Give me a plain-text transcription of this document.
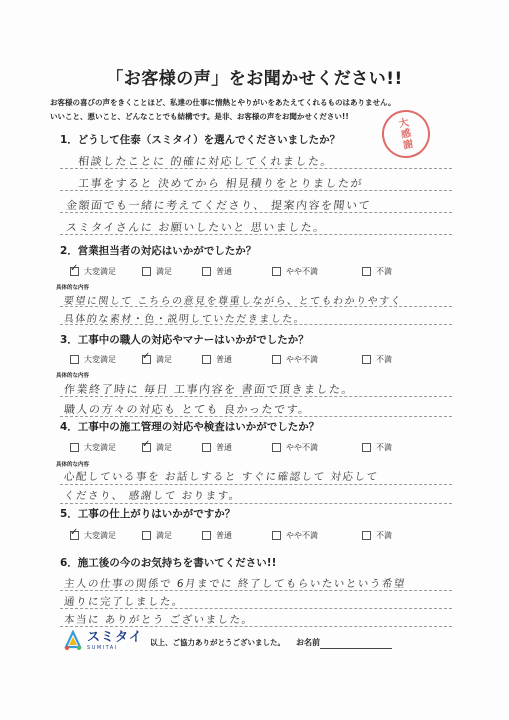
「お客様の声」をお聞かせください!!
お客様の喜びの声をきくことほど、私達の仕事に情熱とやりがいをあたえてくれるものはありません。
いいこと、悪いこと、どんなことでも結構です。是非、お客様の声をお聞かせください!!
大
感
謝
1．どうして住泰（スミタイ）を選んでくださいましたか？
相談したことに 的確に対応してくれました。
工事をすると 決めてから 相見積りをとりましたが
金額面でも一緒に考えてくださり、 提案内容を聞いて
スミタイさんに お願いしたいと 思いました。
2．営業担当者の対応はいかがでしたか？
✓
大変満足	満足	普通	やや不満	不満
具体的な内容
要望に関して こちらの意見を尊重しながら、とてもわかりやすく
具体的な素材・色・説明していただきました。
3．工事中の職人の対応やマナーはいかがでしたか？
大変満足 ✓	満足	普通	やや不満	不満
具体的な内容
作業終了時に 毎日 工事内容を 書面で頂きました。
職人の方々の対応も とても 良かったです。
4．工事中の施工管理の対応や検査はいかがでしたか？
大変満足 ✓	満足	普通	やや不満	不満
具体的な内容
心配している事を お話しすると すぐに確認して 対応して
くださり、 感謝して おります。
5．工事の仕上がりはいかがですか？
✓
大変満足	満足	普通	やや不満	不満
6．施工後の今のお気持ちを書いてください!!
主人の仕事の関係で 6月までに 終了してもらいたいという希望
通りに完了しました。
本当に ありがとう ございました。
スミタイ
SUMITAI
以上、ご協力ありがとうございました。 お名前
